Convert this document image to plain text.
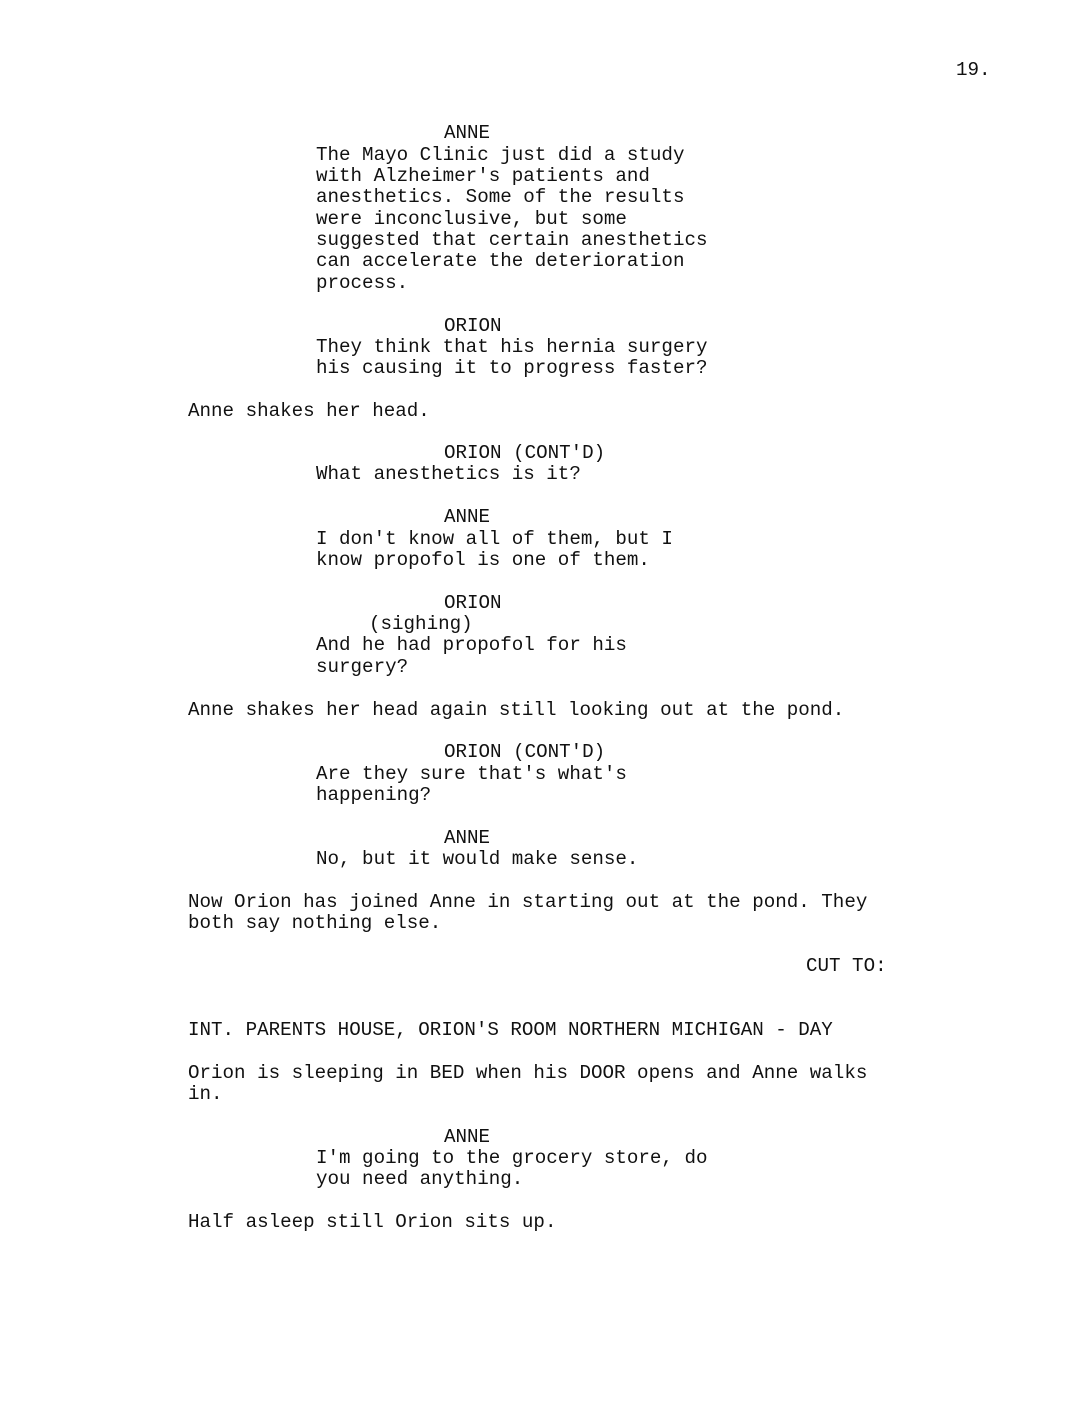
19.
ANNE
The Mayo Clinic just did a study
with Alzheimer's patients and
anesthetics. Some of the results
were inconclusive, but some
suggested that certain anesthetics
can accelerate the deterioration
process.
ORION
They think that his hernia surgery
his causing it to progress faster?
Anne shakes her head.
ORION (CONT'D)
What anesthetics is it?
ANNE
I don't know all of them, but I
know propofol is one of them.
ORION
(sighing)
And he had propofol for his
surgery?
Anne shakes her head again still looking out at the pond.
ORION (CONT'D)
Are they sure that's what's
happening?
ANNE
No, but it would make sense.
Now Orion has joined Anne in starting out at the pond. They
both say nothing else.
CUT TO:
INT. PARENTS HOUSE, ORION'S ROOM NORTHERN MICHIGAN - DAY
Orion is sleeping in BED when his DOOR opens and Anne walks
in.
ANNE
I'm going to the grocery store, do
you need anything.
Half asleep still Orion sits up.
